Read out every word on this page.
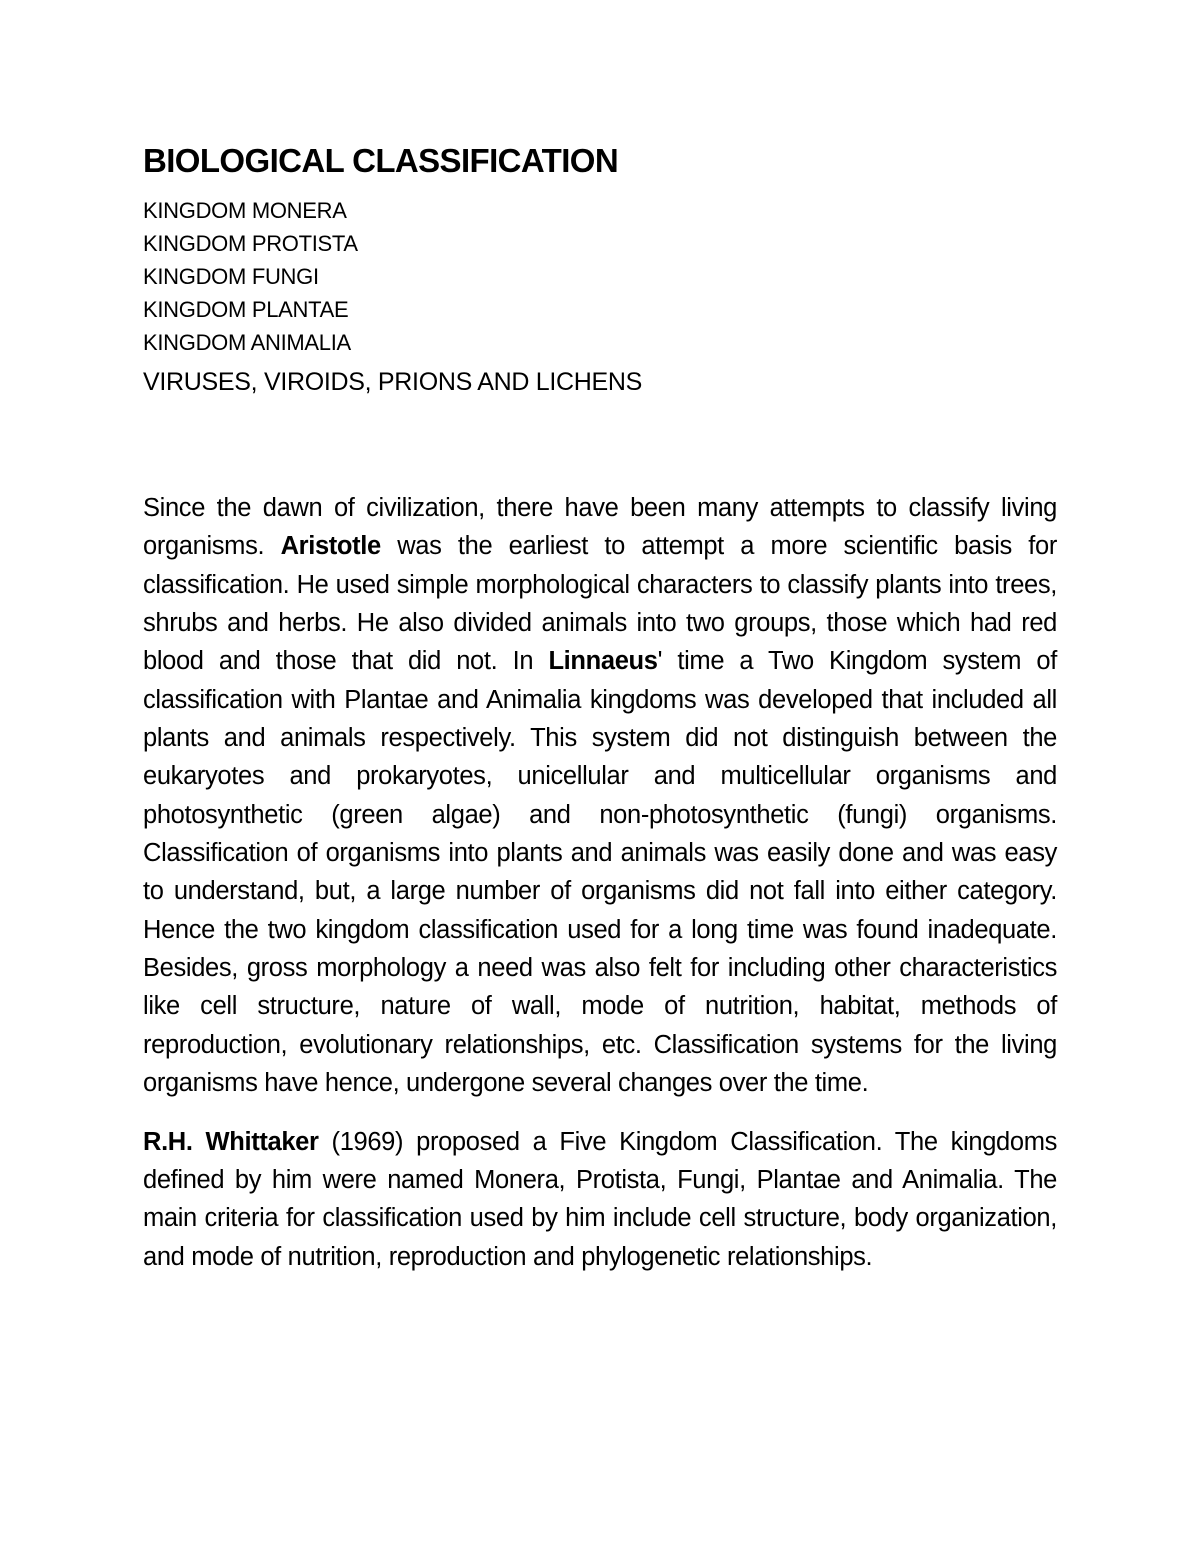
BIOLOGICAL CLASSIFICATION
KINGDOM MONERA
KINGDOM PROTISTA
KINGDOM FUNGI
KINGDOM PLANTAE
KINGDOM ANIMALIA
VIRUSES, VIROIDS, PRIONS AND LICHENS

Since the dawn of civilization, there have been many attempts to classify living organisms. Aristotle was the earliest to attempt a more scientific basis for classification. He used simple morphological characters to classify plants into trees, shrubs and herbs. He also divided animals into two groups, those which had red blood and those that did not. In Linnaeus' time a Two Kingdom system of classification with Plantae and Animalia kingdoms was developed that included all plants and animals respectively. This system did not distinguish between the eukaryotes and prokaryotes, unicellular and multicellular organisms and photosynthetic (green algae) and non-photosynthetic (fungi) organisms. Classification of organisms into plants and animals was easily done and was easy to understand, but, a large number of organisms did not fall into either category. Hence the two kingdom classification used for a long time was found inadequate. Besides, gross morphology a need was also felt for including other characteristics like cell structure, nature of wall, mode of nutrition, habitat, methods of reproduction, evolutionary relationships, etc. Classification systems for the living organisms have hence, undergone several changes over the time.

R.H. Whittaker (1969) proposed a Five Kingdom Classification. The kingdoms defined by him were named Monera, Protista, Fungi, Plantae and Animalia. The main criteria for classification used by him include cell structure, body organization, and mode of nutrition, reproduction and phylogenetic relationships.
